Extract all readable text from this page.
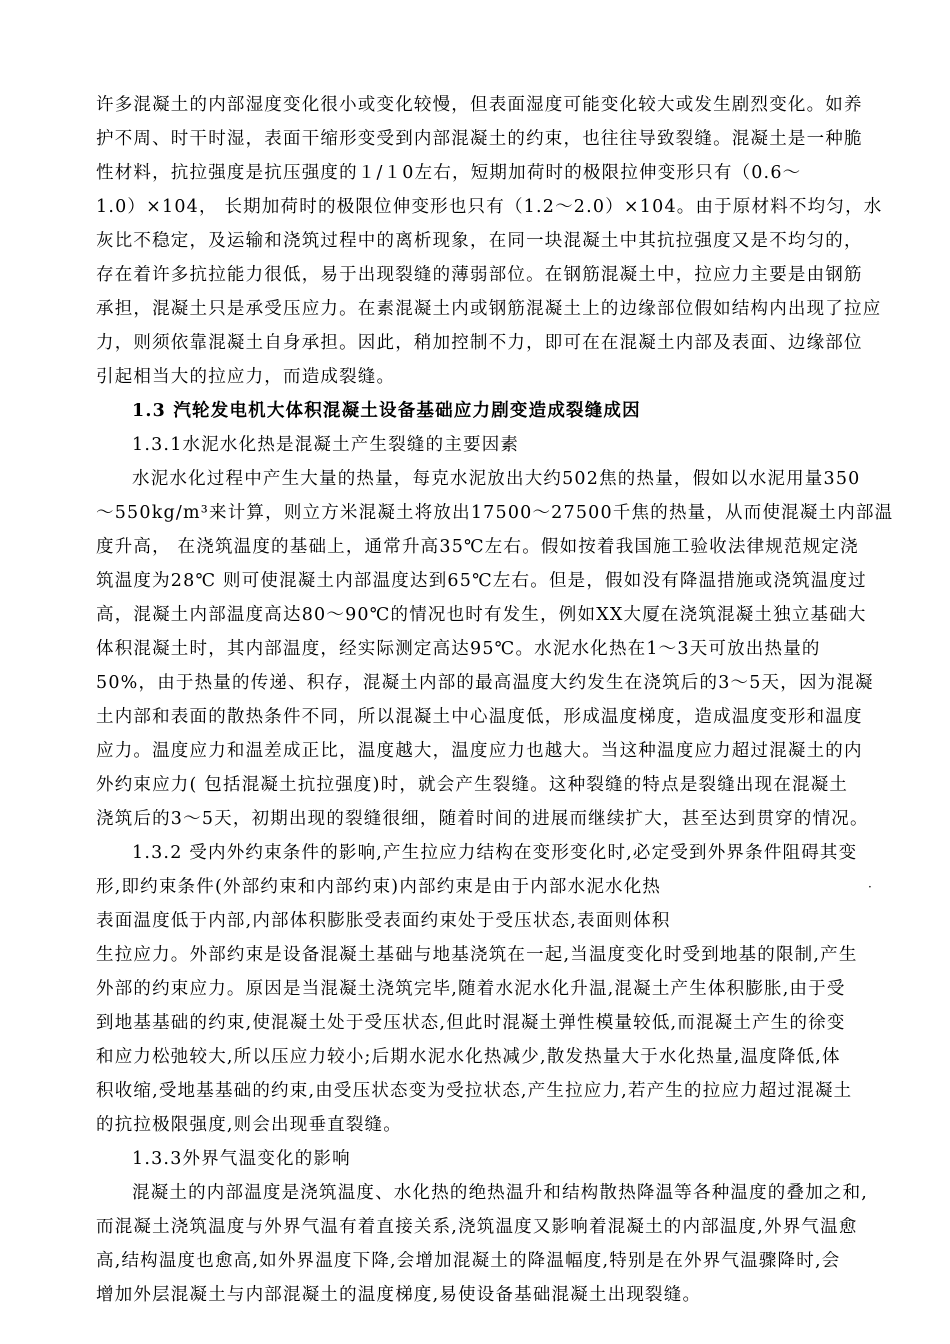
许多混凝土的内部湿度变化很小或变化较慢，但表面湿度可能变化较大或发生剧烈变化。如养
护不周、时干时湿，表面干缩形变受到内部混凝土的约束，也往往导致裂缝。混凝土是一种脆
性材料，抗拉强度是抗压强度的１/１0左右，短期加荷时的极限拉伸变形只有（0.6～
1.0）×104， 长期加荷时的极限位伸变形也只有（1.2～2.0）×104。由于原材料不均匀，水
灰比不稳定，及运输和浇筑过程中的离析现象，在同一块混凝土中其抗拉强度又是不均匀的，
存在着许多抗拉能力很低，易于出现裂缝的薄弱部位。在钢筋混凝土中，拉应力主要是由钢筋
承担，混凝土只是承受压应力。在素混凝土内或钢筋混凝土上的边缘部位假如结构内出现了拉应
力，则须依靠混凝土自身承担。因此，稍加控制不力，即可在在混凝土内部及表面、边缘部位
引起相当大的拉应力，而造成裂缝。
1.3 汽轮发电机大体积混凝土设备基础应力剧变造成裂缝成因
1.3.1水泥水化热是混凝土产生裂缝的主要因素
水泥水化过程中产生大量的热量，每克水泥放出大约502焦的热量，假如以水泥用量350
～550kg/m³来计算，则立方米混凝土将放出17500～27500千焦的热量，从而使混凝土内部温
度升高， 在浇筑温度的基础上，通常升高35℃左右。假如按着我国施工验收法律规范规定浇
筑温度为28℃ 则可使混凝土内部温度达到65℃左右。但是，假如没有降温措施或浇筑温度过
高，混凝土内部温度高达80～90℃的情况也时有发生，例如XX大厦在浇筑混凝土独立基础大
体积混凝土时，其内部温度，经实际测定高达95℃。水泥水化热在1～3天可放出热量的
50%，由于热量的传递、积存，混凝土内部的最高温度大约发生在浇筑后的3～5天，因为混凝
土内部和表面的散热条件不同，所以混凝土中心温度低，形成温度梯度，造成温度变形和温度
应力。温度应力和温差成正比，温度越大，温度应力也越大。当这种温度应力超过混凝土的内
外约束应力( 包括混凝土抗拉强度)时，就会产生裂缝。这种裂缝的特点是裂缝出现在混凝土
浇筑后的3～5天，初期出现的裂缝很细，随着时间的进展而继续扩大，甚至达到贯穿的情况。
1.3.2 受内外约束条件的影响,产生拉应力结构在变形变化时,必定受到外界条件阻碍其变
形,即约束条件(外部约束和内部约束)内部约束是由于内部水泥水化热
表面温度低于内部,内部体积膨胀受表面约束处于受压状态,表面则体积
·
生拉应力。外部约束是设备混凝土基础与地基浇筑在一起,当温度变化时受到地基的限制,产生
外部的约束应力。原因是当混凝土浇筑完毕,随着水泥水化升温,混凝土产生体积膨胀,由于受
到地基基础的约束,使混凝土处于受压状态,但此时混凝土弹性模量较低,而混凝土产生的徐变
和应力松弛较大,所以压应力较小;后期水泥水化热减少,散发热量大于水化热量,温度降低,体
积收缩,受地基基础的约束,由受压状态变为受拉状态,产生拉应力,若产生的拉应力超过混凝土
的抗拉极限强度,则会出现垂直裂缝。
1.3.3外界气温变化的影响
混凝土的内部温度是浇筑温度、水化热的绝热温升和结构散热降温等各种温度的叠加之和,
而混凝土浇筑温度与外界气温有着直接关系,浇筑温度又影响着混凝土的内部温度,外界气温愈
高,结构温度也愈高,如外界温度下降,会增加混凝土的降温幅度,特别是在外界气温骤降时,会
增加外层混凝土与内部混凝土的温度梯度,易使设备基础混凝土出现裂缝。
